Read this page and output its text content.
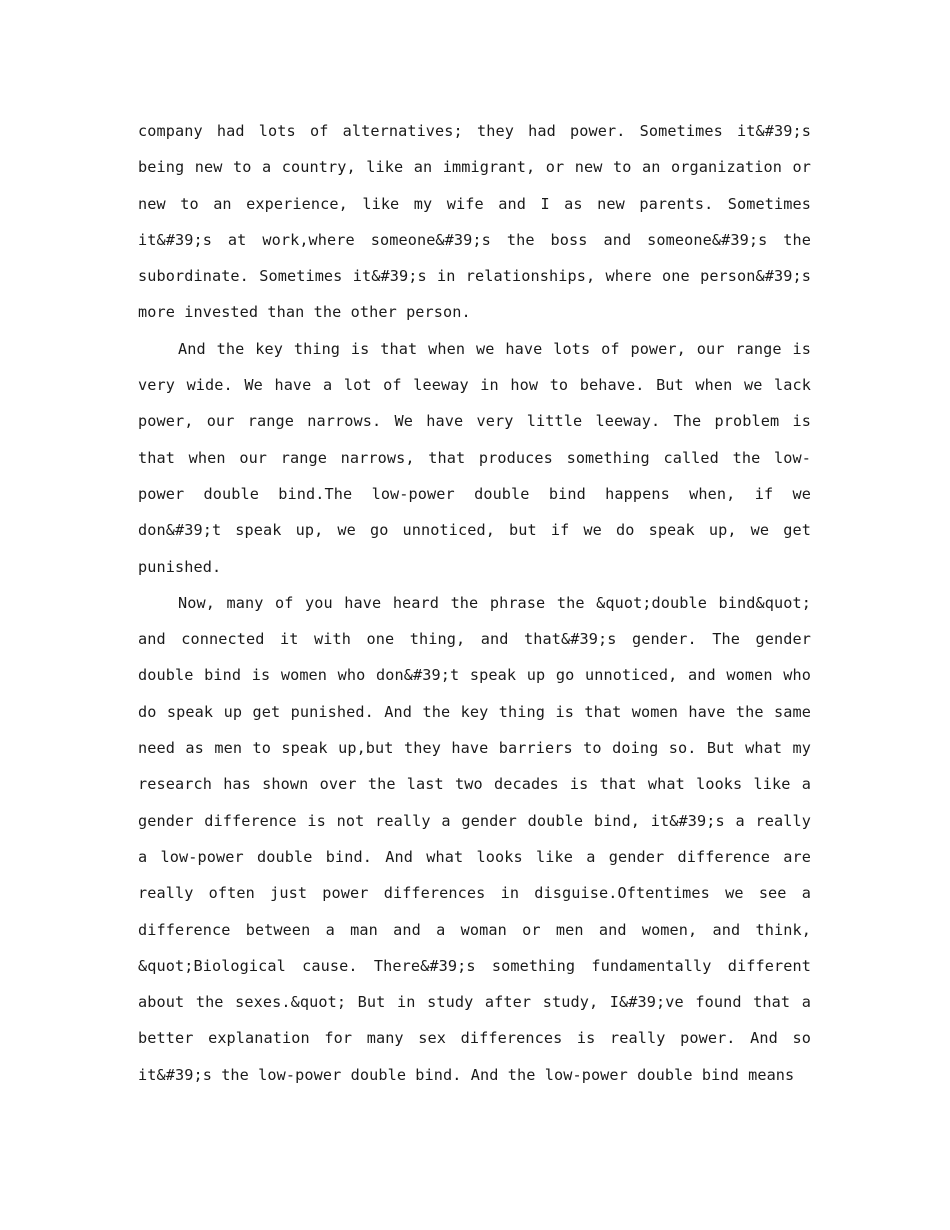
company had lots of alternatives; they had power. Sometimes it&#39;s being new to a country, like an immigrant, or new to an organization or new to an experience, like my wife and I as new parents. Sometimes it&#39;s at work,where someone&#39;s the boss and someone&#39;s the subordinate. Sometimes it&#39;s in relationships, where one person&#39;s more invested than the other person.

And the key thing is that when we have lots of power, our range is very wide. We have a lot of leeway in how to behave. But when we lack power, our range narrows. We have very little leeway. The problem is that when our range narrows, that produces something called the low-power double bind.The low-power double bind happens when, if we don&#39;t speak up, we go unnoticed, but if we do speak up, we get punished.

Now, many of you have heard the phrase the &quot;double bind&quot; and connected it with one thing, and that&#39;s gender. The gender double bind is women who don&#39;t speak up go unnoticed, and women who do speak up get punished. And the key thing is that women have the same need as men to speak up,but they have barriers to doing so. But what my research has shown over the last two decades is that what looks like a gender difference is not really a gender double bind, it&#39;s a really a low-power double bind. And what looks like a gender difference are really often just power differences in disguise.Oftentimes we see a difference between a man and a woman or men and women, and think, &quot;Biological cause. There&#39;s something fundamentally different about the sexes.&quot; But in study after study, I&#39;ve found that a better explanation for many sex differences is really power. And so it&#39;s the low-power double bind. And the low-power double bind means
